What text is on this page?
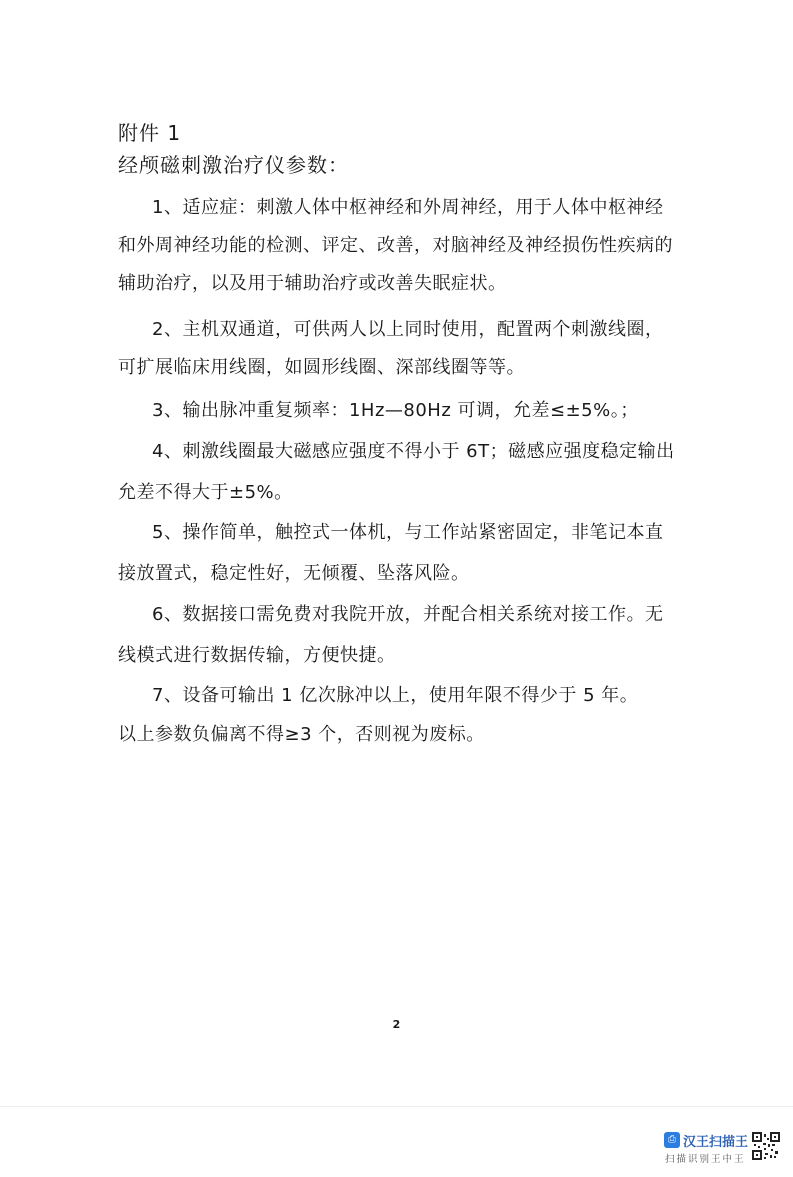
附件 1
经颅磁刺激治疗仪参数：
1、适应症：刺激人体中枢神经和外周神经，用于人体中枢神经
和外周神经功能的检测、评定、改善，对脑神经及神经损伤性疾病的
辅助治疗，以及用于辅助治疗或改善失眠症状。
2、主机双通道，可供两人以上同时使用，配置两个刺激线圈，
可扩展临床用线圈，如圆形线圈、深部线圈等等。
3、输出脉冲重复频率：1Hz—80Hz 可调，允差≤±5%。；
4、刺激线圈最大磁感应强度不得小于 6T；磁感应强度稳定输出
允差不得大于±5%。
5、操作简单，触控式一体机，与工作站紧密固定，非笔记本直
接放置式，稳定性好，无倾覆、坠落风险。
6、数据接口需免费对我院开放，并配合相关系统对接工作。无
线模式进行数据传输，方便快捷。
7、设备可输出 1 亿次脉冲以上，使用年限不得少于 5 年。
以上参数负偏离不得≥3 个，否则视为废标。
2
⎙ 汉王扫描王
扫描识别王中王
